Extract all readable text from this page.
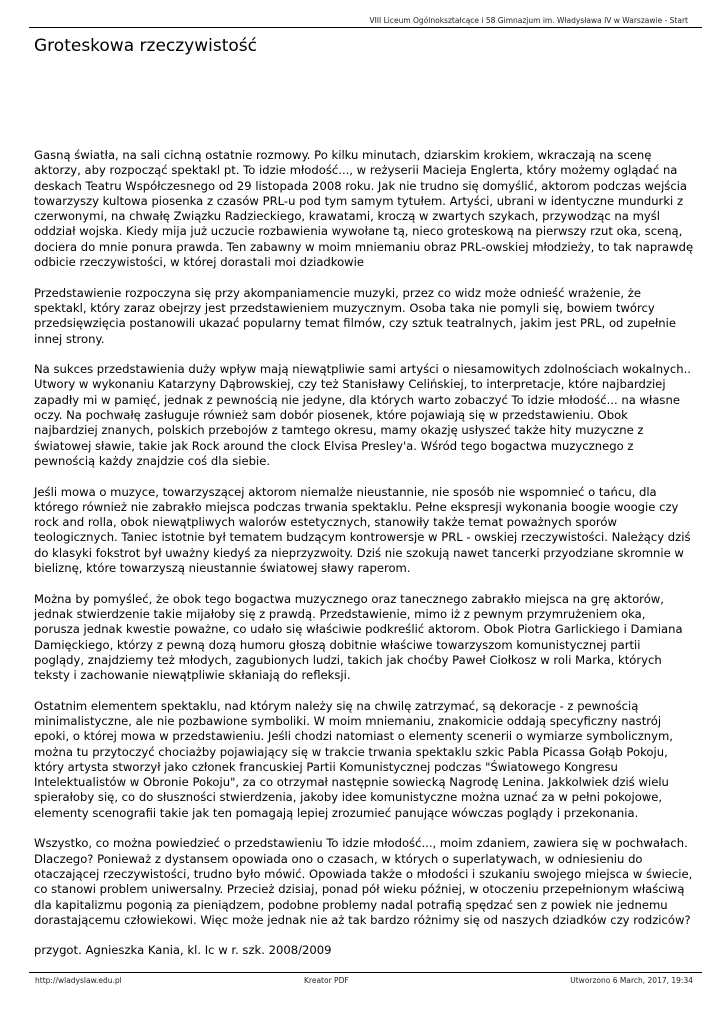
VIII Liceum Ogólnokształcące i 58 Gimnazjum im. Władysława IV w Warszawie - Start
Groteskowa rzeczywistość

Gasną światła, na sali cichną ostatnie rozmowy. Po kilku minutach, dziarskim krokiem, wkraczają na scenę aktorzy, aby rozpocząć spektakl pt. To idzie młodość..., w reżyserii Macieja Englerta, który możemy oglądać na deskach Teatru Współczesnego od 29 listopada 2008 roku. Jak nie trudno się domyślić, aktorom podczas wejścia towarzyszy kultowa piosenka z czasów PRL-u pod tym samym tytułem. Artyści, ubrani w identyczne mundurki z czerwonymi, na chwałę Związku Radzieckiego, krawatami, kroczą w zwartych szykach, przywodząc na myśl oddział wojska. Kiedy mija już uczucie rozbawienia wywołane tą, nieco groteskową na pierwszy rzut oka, sceną, dociera do mnie ponura prawda. Ten zabawny w moim mniemaniu obraz PRL-owskiej młodzieży, to tak naprawdę odbicie rzeczywistości, w której dorastali moi dziadkowie

Przedstawienie rozpoczyna się przy akompaniamencie muzyki, przez co widz może odnieść wrażenie, że spektakl, który zaraz obejrzy jest przedstawieniem muzycznym. Osoba taka nie pomyli się, bowiem twórcy przedsięwzięcia postanowili ukazać popularny temat filmów, czy sztuk teatralnych, jakim jest PRL, od zupełnie innej strony.

Na sukces przedstawienia duży wpływ mają niewątpliwie sami artyści o niesamowitych zdolnościach wokalnych.. Utwory w wykonaniu Katarzyny Dąbrowskiej, czy też Stanisławy Celińskiej, to interpretacje, które najbardziej zapadły mi w pamięć, jednak z pewnością nie jedyne, dla których warto zobaczyć To idzie młodość... na własne oczy. Na pochwałę zasługuje również sam dobór piosenek, które pojawiają się w przedstawieniu. Obok najbardziej znanych, polskich przebojów z tamtego okresu, mamy okazję usłyszeć także hity muzyczne z światowej sławie, takie jak Rock around the clock Elvisa Presley'a. Wśród tego bogactwa muzycznego z pewnością każdy znajdzie coś dla siebie.

Jeśli mowa o muzyce, towarzyszącej aktorom niemalże nieustannie, nie sposób nie wspomnieć o tańcu, dla którego również nie zabrakło miejsca podczas trwania spektaklu. Pełne ekspresji wykonania boogie woogie czy rock and rolla, obok niewątpliwych walorów estetycznych, stanowiły także temat poważnych sporów teologicznych. Taniec istotnie był tematem budzącym kontrowersje w PRL - owskiej rzeczywistości. Należący dziś do klasyki fokstrot był uważny kiedyś za nieprzyzwoity. Dziś nie szokują nawet tancerki przyodziane skromnie w bieliznę, które towarzyszą nieustannie światowej sławy raperom.

Można by pomyśleć, że obok tego bogactwa muzycznego oraz tanecznego zabrakło miejsca na grę aktorów, jednak stwierdzenie takie mijałoby się z prawdą. Przedstawienie, mimo iż z pewnym przymrużeniem oka, porusza jednak kwestie poważne, co udało się właściwie podkreślić aktorom. Obok Piotra Garlickiego i Damiana Damięckiego, którzy z pewną dozą humoru głoszą dobitnie właściwe towarzyszom komunistycznej partii poglądy, znajdziemy też młodych, zagubionych ludzi, takich jak choćby Paweł Ciołkosz w roli Marka, których teksty i zachowanie niewątpliwie skłaniają do refleksji.

Ostatnim elementem spektaklu, nad którym należy się na chwilę zatrzymać, są dekoracje - z pewnością minimalistyczne, ale nie pozbawione symboliki. W moim mniemaniu, znakomicie oddają specyficzny nastrój epoki, o której mowa w przedstawieniu. Jeśli chodzi natomiast o elementy scenerii o wymiarze symbolicznym, można tu przytoczyć chociażby pojawiający się w trakcie trwania spektaklu szkic Pabla Picassa Gołąb Pokoju, który artysta stworzył jako członek francuskiej Partii Komunistycznej podczas "Światowego Kongresu Intelektualistów w Obronie Pokoju", za co otrzymał następnie sowiecką Nagrodę Lenina. Jakkolwiek dziś wielu spierałoby się, co do słuszności stwierdzenia, jakoby idee komunistyczne można uznać za w pełni pokojowe, elementy scenografii takie jak ten pomagają lepiej zrozumieć panujące wówczas poglądy i przekonania.

Wszystko, co można powiedzieć o przedstawieniu To idzie młodość..., moim zdaniem, zawiera się w pochwałach. Dlaczego? Ponieważ z dystansem opowiada ono o czasach, w których o superlatywach, w odniesieniu do otaczającej rzeczywistości, trudno było mówić. Opowiada także o młodości i szukaniu swojego miejsca w świecie, co stanowi problem uniwersalny. Przecież dzisiaj, ponad pół wieku później, w otoczeniu przepełnionym właściwą dla kapitalizmu pogonią za pieniądzem, podobne problemy nadal potrafią spędzać sen z powiek nie jednemu dorastającemu człowiekowi. Więc może jednak nie aż tak bardzo różnimy się od naszych dziadków czy rodziców?

przygot. Agnieszka Kania, kl. Ic w r. szk. 2008/2009

http://wladyslaw.edu.pl	Kreator PDF	Utworzono 6 March, 2017, 19:34
